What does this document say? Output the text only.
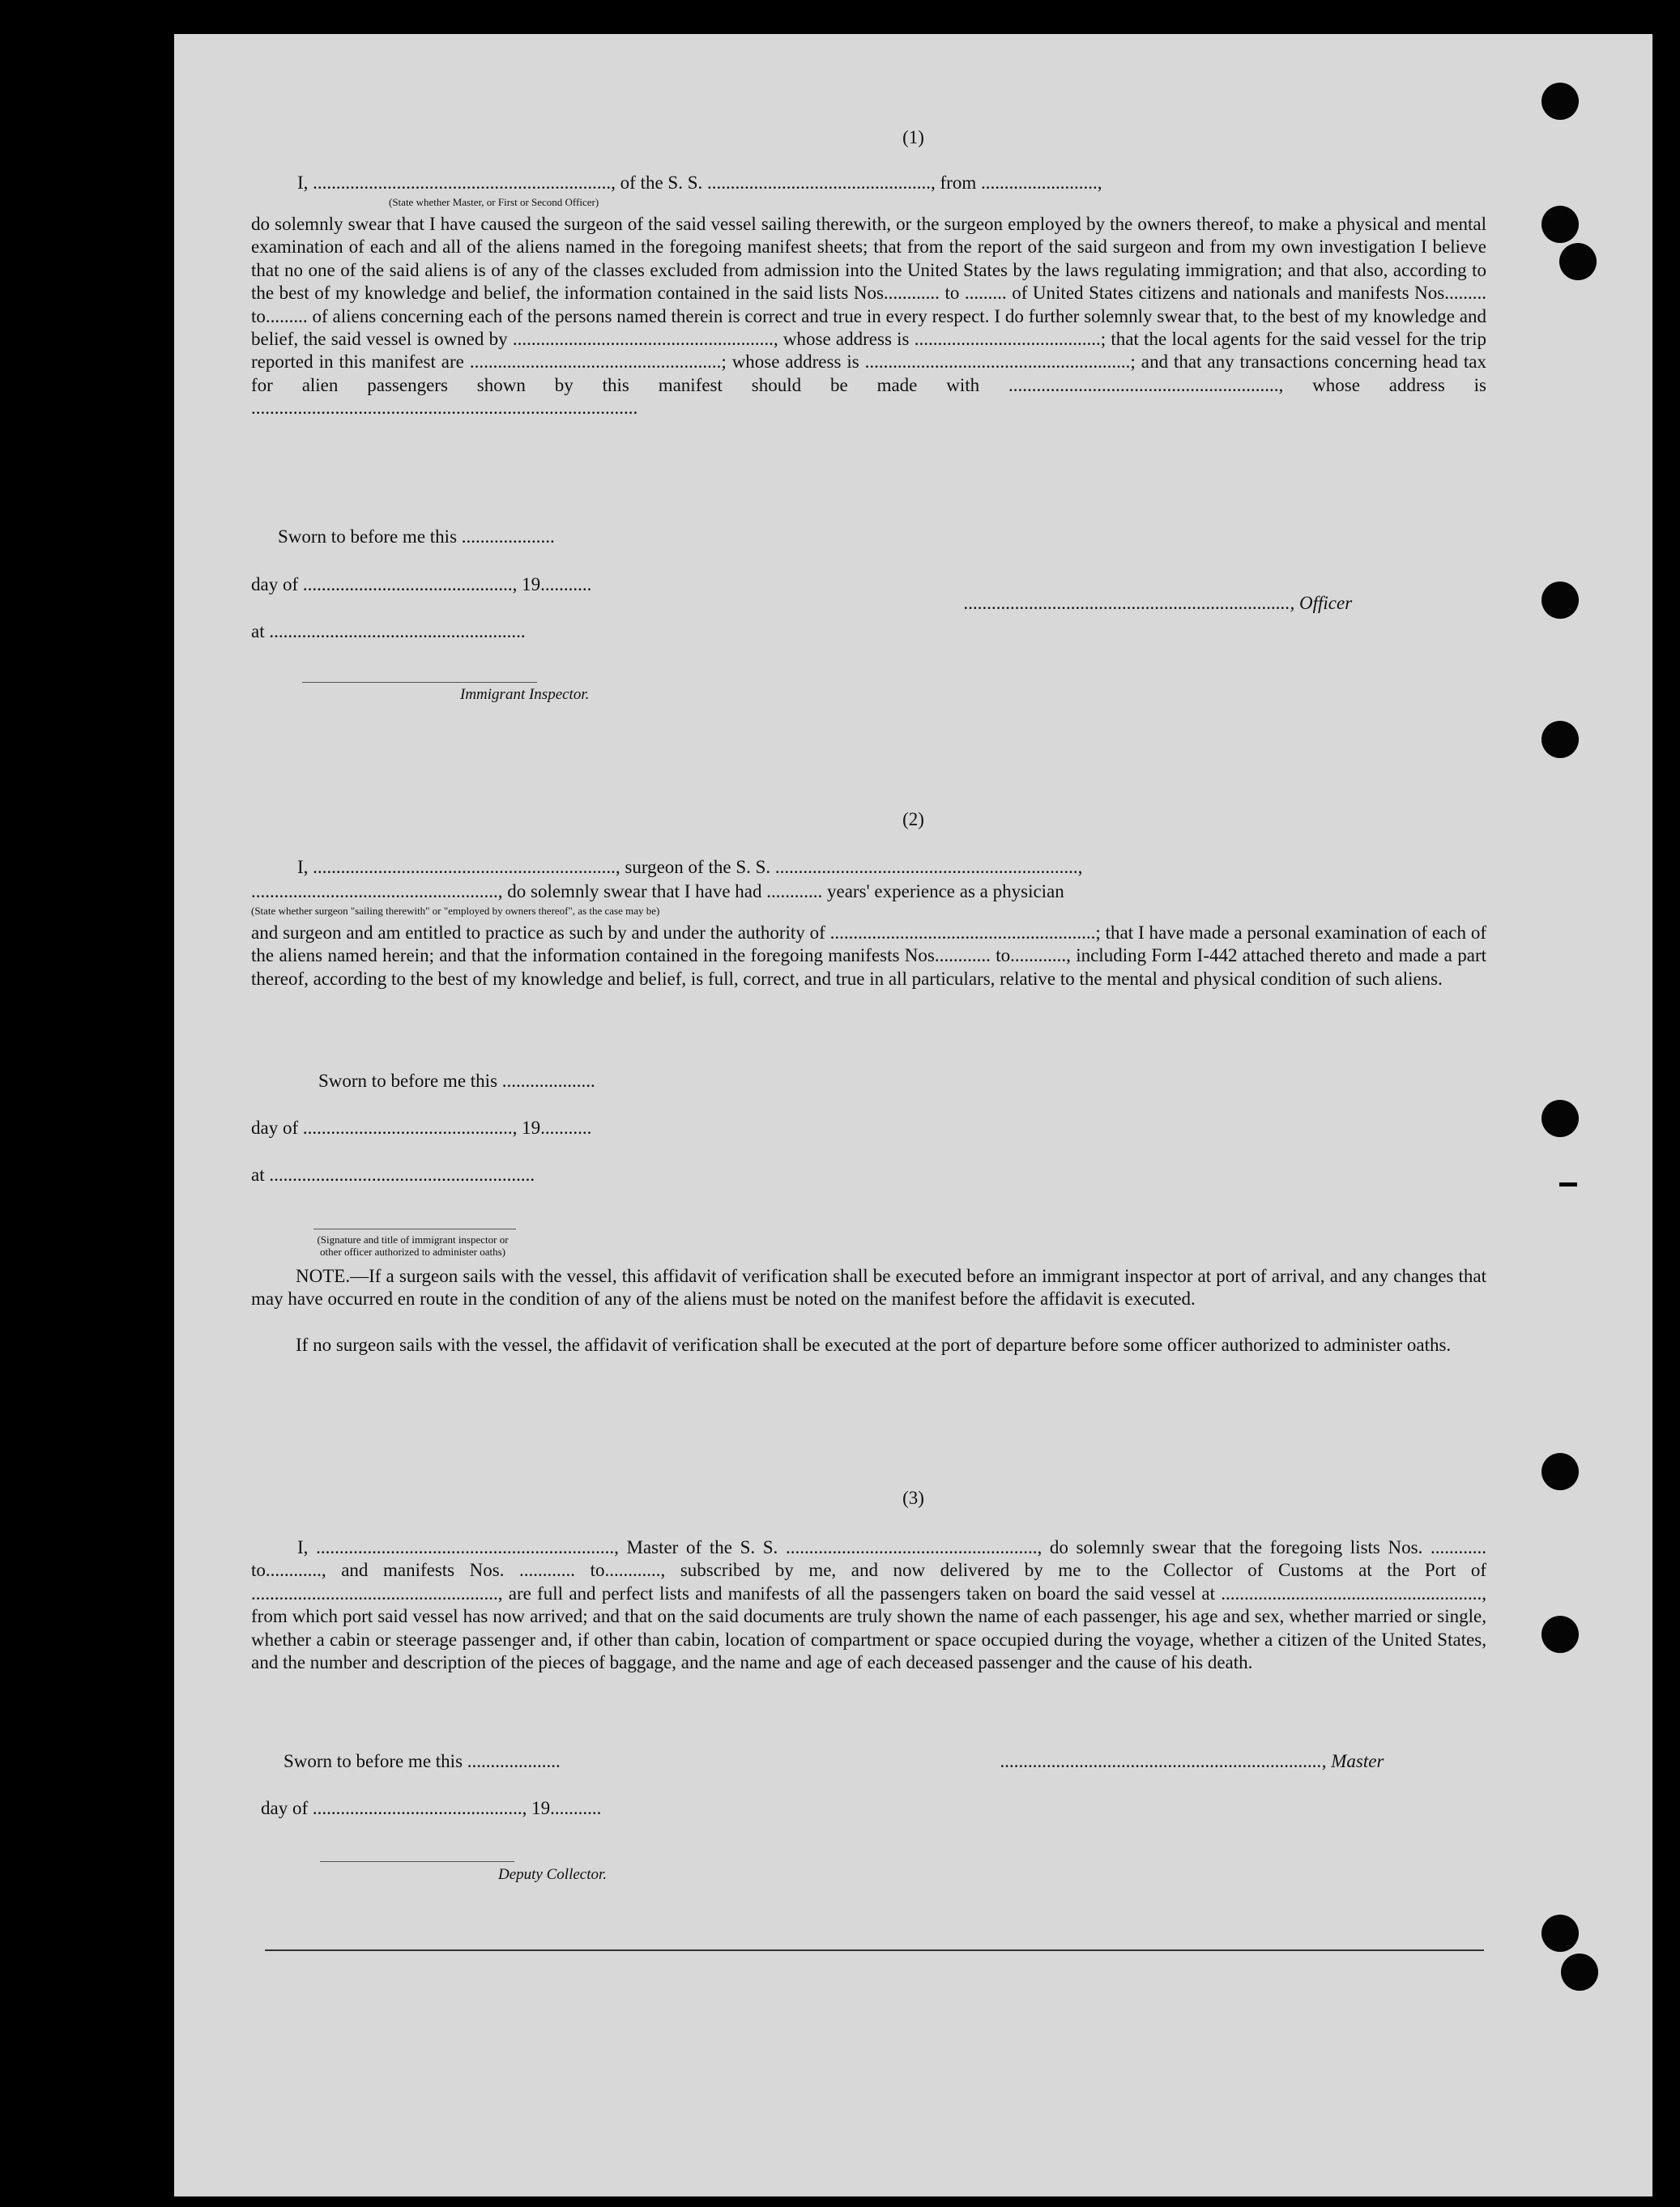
(1)
I, ................................................................, of the S. S. ................................................, from .........................,
(State whether Master, or First or Second Officer)
do solemnly swear that I have caused the surgeon of the said vessel sailing therewith, or the surgeon employed by the owners thereof, to make a physical and mental examination of each and all of the aliens named in the foregoing manifest sheets; that from the report of the said surgeon and from my own investigation I believe that no one of the said aliens is of any of the classes excluded from admission into the United States by the laws regulating immigration; and that also, according to the best of my knowledge and belief, the information contained in the said lists Nos............ to ......... of United States citizens and nationals and manifests Nos......... to......... of aliens concerning each of the persons named therein is correct and true in every respect. I do further solemnly swear that, to the best of my knowledge and belief, the said vessel is owned by ........................................................, whose address is ........................................; that the local agents for the said vessel for the trip reported in this manifest are ......................................................; whose address is .........................................................; and that any transactions concerning head tax for alien passengers shown by this manifest should be made with .........................................................., whose address is ...................................................................................
Sworn to before me this ....................
day of ............................................., 19...........
at .......................................................
......................................................................, Officer
Immigrant Inspector.
(2)
I, ................................................................., surgeon of the S. S. .................................................................,
....................................................., do solemnly swear that I have had ............ years' experience as a physician
(State whether surgeon "sailing therewith" or "employed by owners thereof", as the case may be)
and surgeon and am entitled to practice as such by and under the authority of .........................................................; that I have made a personal examination of each of the aliens named herein; and that the information contained in the foregoing manifests Nos............ to............, including Form I-442 attached thereto and made a part thereof, according to the best of my knowledge and belief, is full, correct, and true in all particulars, relative to the mental and physical condition of such aliens.
Sworn to before me this ....................
day of ............................................., 19...........
at .........................................................
(Signature and title of immigrant inspector or other officer authorized to administer oaths)
NOTE.—If a surgeon sails with the vessel, this affidavit of verification shall be executed before an immigrant inspector at port of arrival, and any changes that may have occurred en route in the condition of any of the aliens must be noted on the manifest before the affidavit is executed.
If no surgeon sails with the vessel, the affidavit of verification shall be executed at the port of departure before some officer authorized to administer oaths.
(3)
I, ................................................................, Master of the S. S. ......................................................, do solemnly swear that the foregoing lists Nos. ............ to............, and manifests Nos. ............ to............, subscribed by me, and now delivered by me to the Collector of Customs at the Port of ....................................................., are full and perfect lists and manifests of all the passengers taken on board the said vessel at ........................................................, from which port said vessel has now arrived; and that on the said documents are truly shown the name of each passenger, his age and sex, whether married or single, whether a cabin or steerage passenger and, if other than cabin, location of compartment or space occupied during the voyage, whether a citizen of the United States, and the number and description of the pieces of baggage, and the name and age of each deceased passenger and the cause of his death.
Sworn to before me this ....................
day of ............................................., 19...........
....................................................................., Master
Deputy Collector.
